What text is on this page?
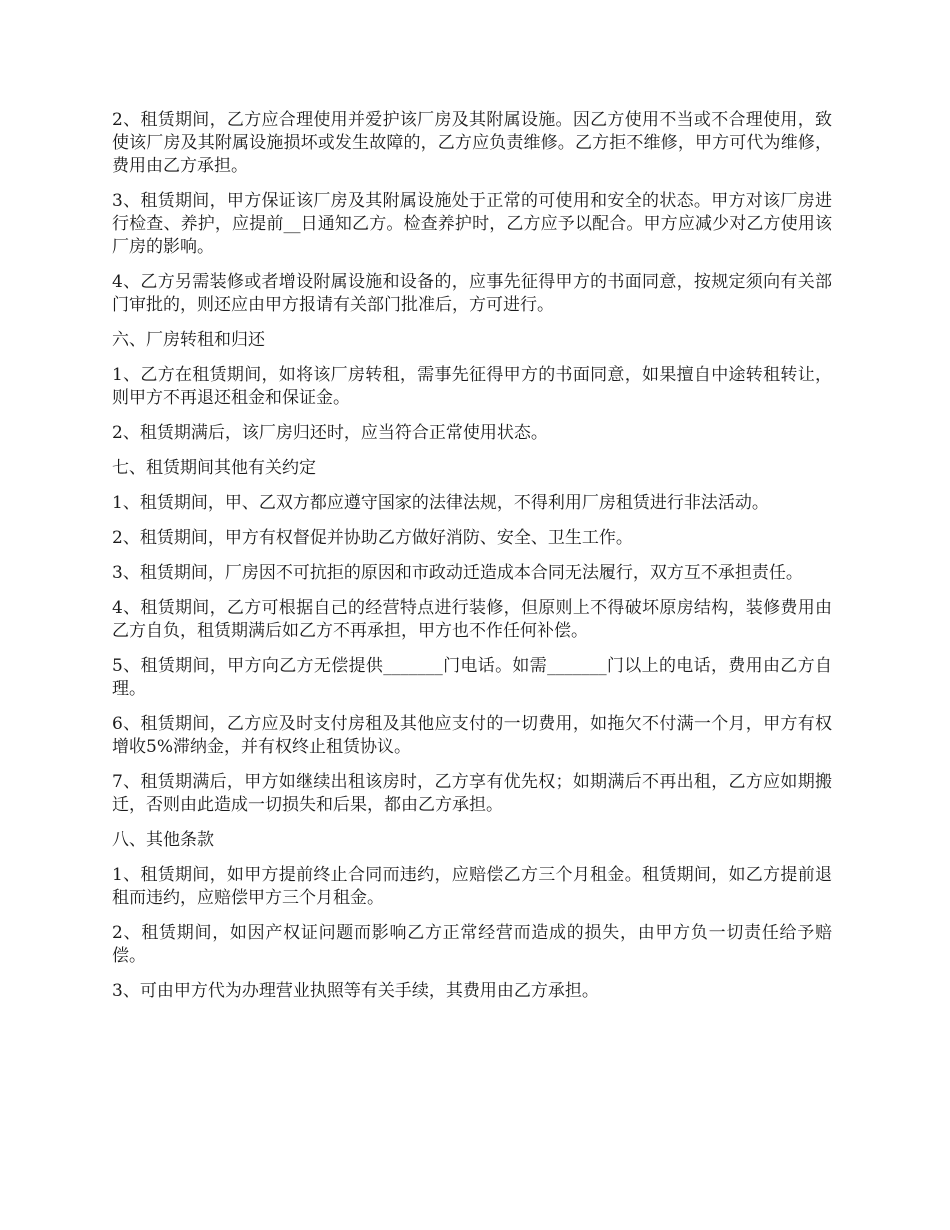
2、租赁期间，乙方应合理使用并爱护该厂房及其附属设施。因乙方使用不当或不合理使用，致使该厂房及其附属设施损坏或发生故障的，乙方应负责维修。乙方拒不维修，甲方可代为维修，费用由乙方承担。

3、租赁期间，甲方保证该厂房及其附属设施处于正常的可使用和安全的状态。甲方对该厂房进行检查、养护，应提前__日通知乙方。检查养护时，乙方应予以配合。甲方应减少对乙方使用该厂房的影响。

4、乙方另需装修或者增设附属设施和设备的，应事先征得甲方的书面同意，按规定须向有关部门审批的，则还应由甲方报请有关部门批准后，方可进行。

六、厂房转租和归还

1、乙方在租赁期间，如将该厂房转租，需事先征得甲方的书面同意，如果擅自中途转租转让，则甲方不再退还租金和保证金。

2、租赁期满后，该厂房归还时，应当符合正常使用状态。

七、租赁期间其他有关约定

1、租赁期间，甲、乙双方都应遵守国家的法律法规，不得利用厂房租赁进行非法活动。

2、租赁期间，甲方有权督促并协助乙方做好消防、安全、卫生工作。

3、租赁期间，厂房因不可抗拒的原因和市政动迁造成本合同无法履行，双方互不承担责任。

4、租赁期间，乙方可根据自己的经营特点进行装修，但原则上不得破坏原房结构，装修费用由乙方自负，租赁期满后如乙方不再承担，甲方也不作任何补偿。

5、租赁期间，甲方向乙方无偿提供_______门电话。如需_______门以上的电话，费用由乙方自理。

6、租赁期间，乙方应及时支付房租及其他应支付的一切费用，如拖欠不付满一个月，甲方有权增收5%滞纳金，并有权终止租赁协议。

7、租赁期满后，甲方如继续出租该房时，乙方享有优先权；如期满后不再出租，乙方应如期搬迁，否则由此造成一切损失和后果，都由乙方承担。

八、其他条款

1、租赁期间，如甲方提前终止合同而违约，应赔偿乙方三个月租金。租赁期间，如乙方提前退租而违约，应赔偿甲方三个月租金。

2、租赁期间，如因产权证问题而影响乙方正常经营而造成的损失，由甲方负一切责任给予赔偿。

3、可由甲方代为办理营业执照等有关手续，其费用由乙方承担。
